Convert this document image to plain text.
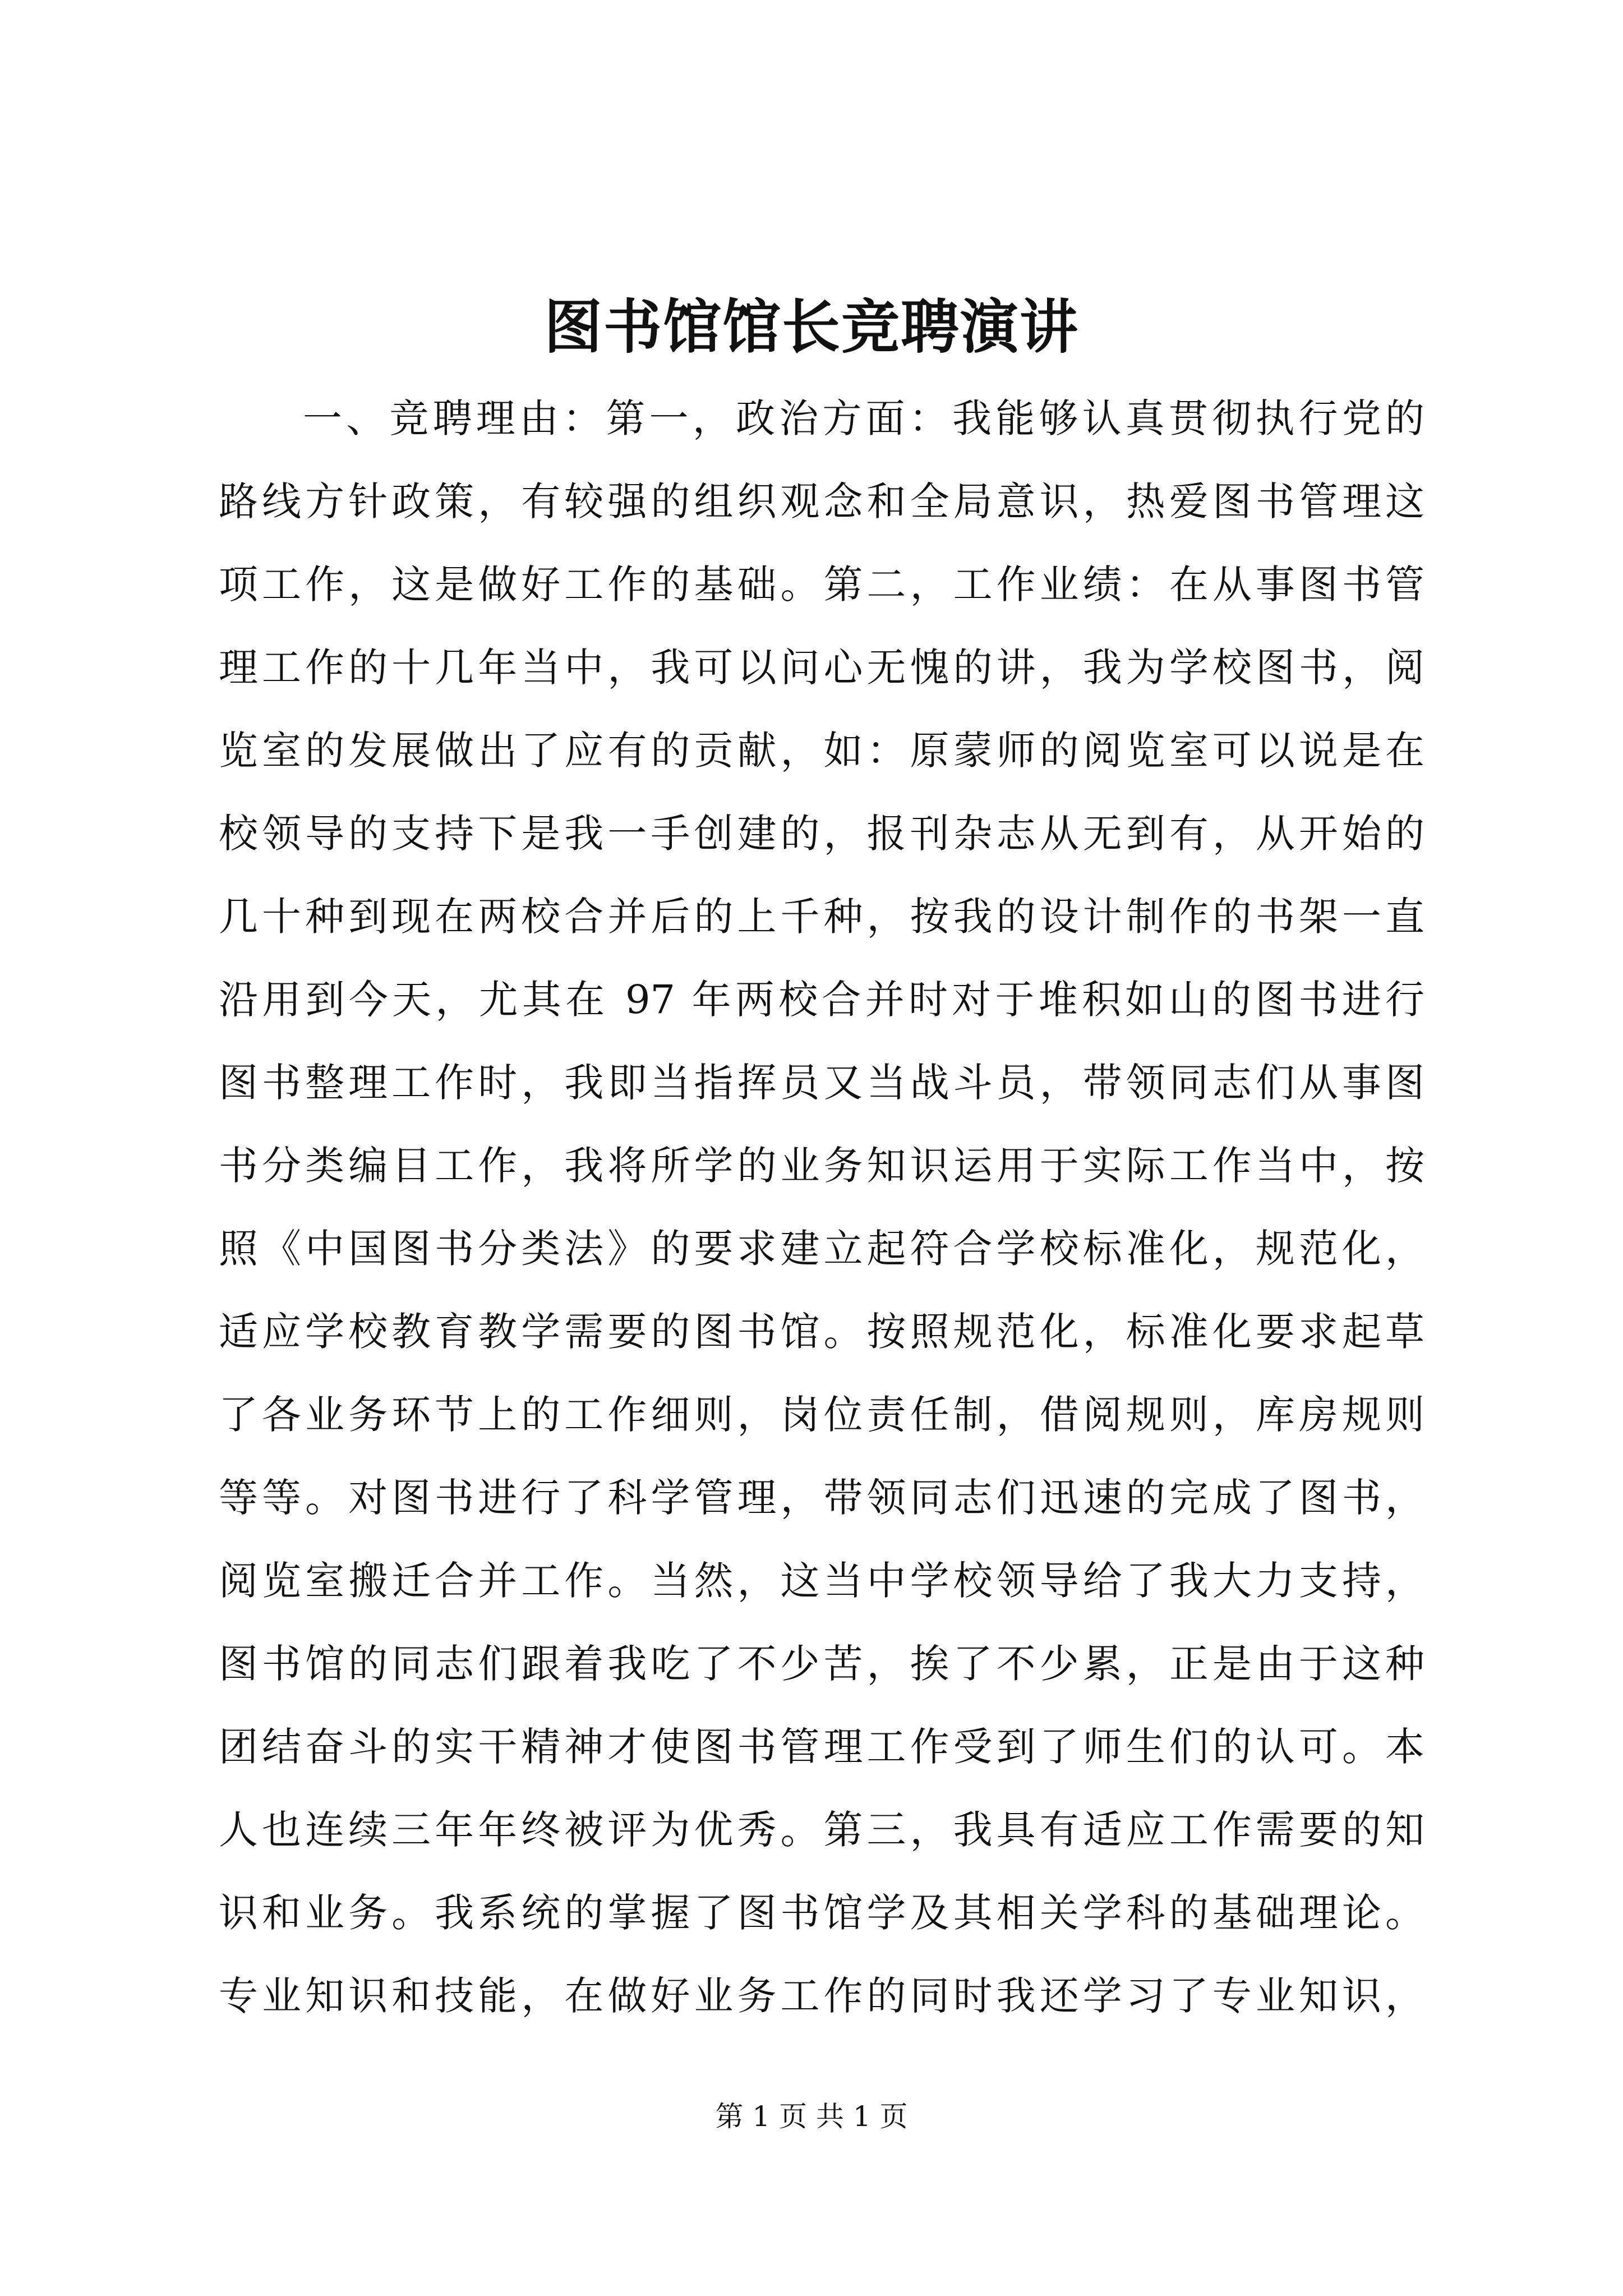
图书馆馆长竞聘演讲
一、竞聘理由：第一，政治方面：我能够认真贯彻执行党的
路线方针政策，有较强的组织观念和全局意识，热爱图书管理这
项工作，这是做好工作的基础。第二，工作业绩：在从事图书管
理工作的十几年当中，我可以问心无愧的讲，我为学校图书，阅
览室的发展做出了应有的贡献，如：原蒙师的阅览室可以说是在
校领导的支持下是我一手创建的，报刊杂志从无到有，从开始的
几十种到现在两校合并后的上千种，按我的设计制作的书架一直
沿用到今天，尤其在 97 年两校合并时对于堆积如山的图书进行
图书整理工作时，我即当指挥员又当战斗员，带领同志们从事图
书分类编目工作，我将所学的业务知识运用于实际工作当中，按
照《中国图书分类法》的要求建立起符合学校标准化，规范化，
适应学校教育教学需要的图书馆。按照规范化，标准化要求起草
了各业务环节上的工作细则，岗位责任制，借阅规则，库房规则
等等。对图书进行了科学管理，带领同志们迅速的完成了图书，
阅览室搬迁合并工作。当然，这当中学校领导给了我大力支持，
图书馆的同志们跟着我吃了不少苦，挨了不少累，正是由于这种
团结奋斗的实干精神才使图书管理工作受到了师生们的认可。本
人也连续三年年终被评为优秀。第三，我具有适应工作需要的知
识和业务。我系统的掌握了图书馆学及其相关学科的基础理论。
专业知识和技能，在做好业务工作的同时我还学习了专业知识，
第 1 页 共 1 页
